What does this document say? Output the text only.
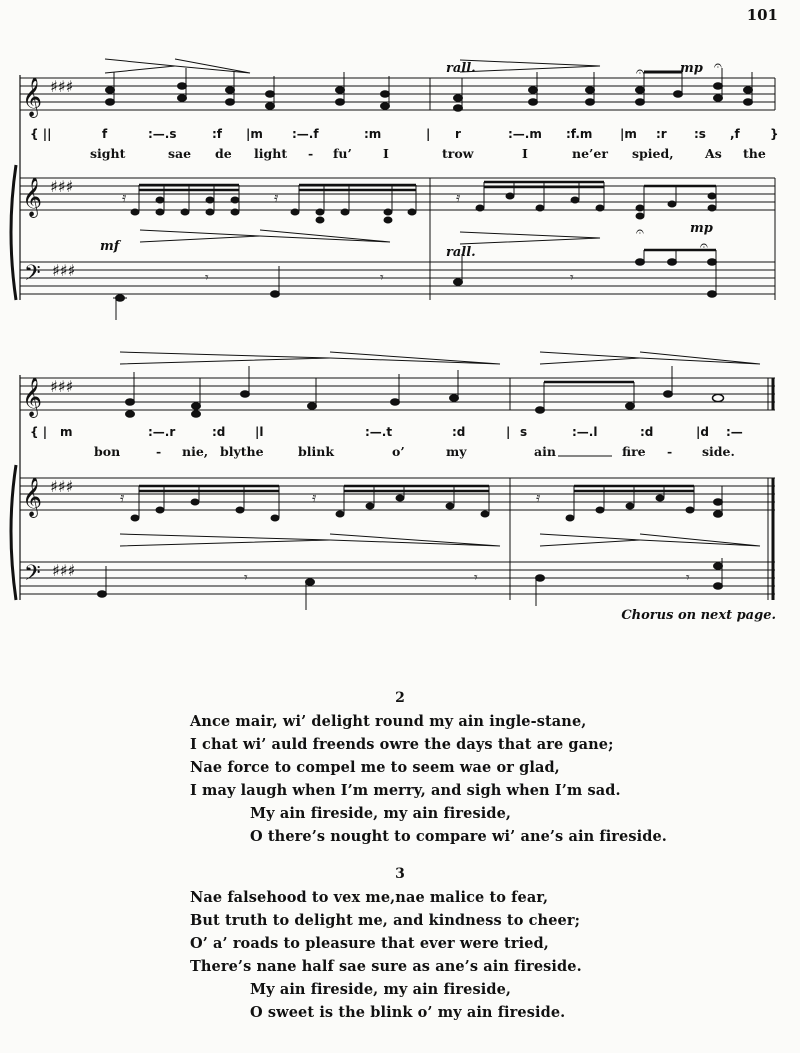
101
𝄞 ♯♯♯
rall.	mp
𝄐	𝄐
{ ||	f	:—.s	:f |m :—.f	:m	| r	:—.m :f.m |m :r :s ,f	}
sight	sae de light - fu’ I	trow	I	ne’er spied,	As the
𝄞 ♯♯♯
𝄿	𝄿	𝄿
mf	rall.
mp
𝄐
𝄐
𝄢 ♯♯♯	𝄾	𝄾	𝄾
𝄞 ♯♯♯
{ | m	:—.r	:d |l	:—.t	:d	| s	:—.l	:d	|d :—
bon	- nie, blythe	blink	o’	my	ain	fire - side.
𝄞 ♯♯♯
𝄿	𝄿	𝄿
𝄢 ♯♯♯	𝄾	𝄾	𝄾
Chorus on next page.
2
Ance mair, wi’ delight round my ain ingle-stane,
I chat wi’ auld freends owre the days that are gane;
Nae force to compel me to seem wae or glad,
I may laugh when I’m merry, and sigh when I’m sad.
My ain fireside, my ain fireside,
O there’s nought to compare wi’ ane’s ain fireside.
3
Nae falsehood to vex me,nae malice to fear,
But truth to delight me, and kindness to cheer;
O’ a’ roads to pleasure that ever were tried,
There’s nane half sae sure as ane’s ain fireside.
My ain fireside, my ain fireside,
O sweet is the blink o’ my ain fireside.
